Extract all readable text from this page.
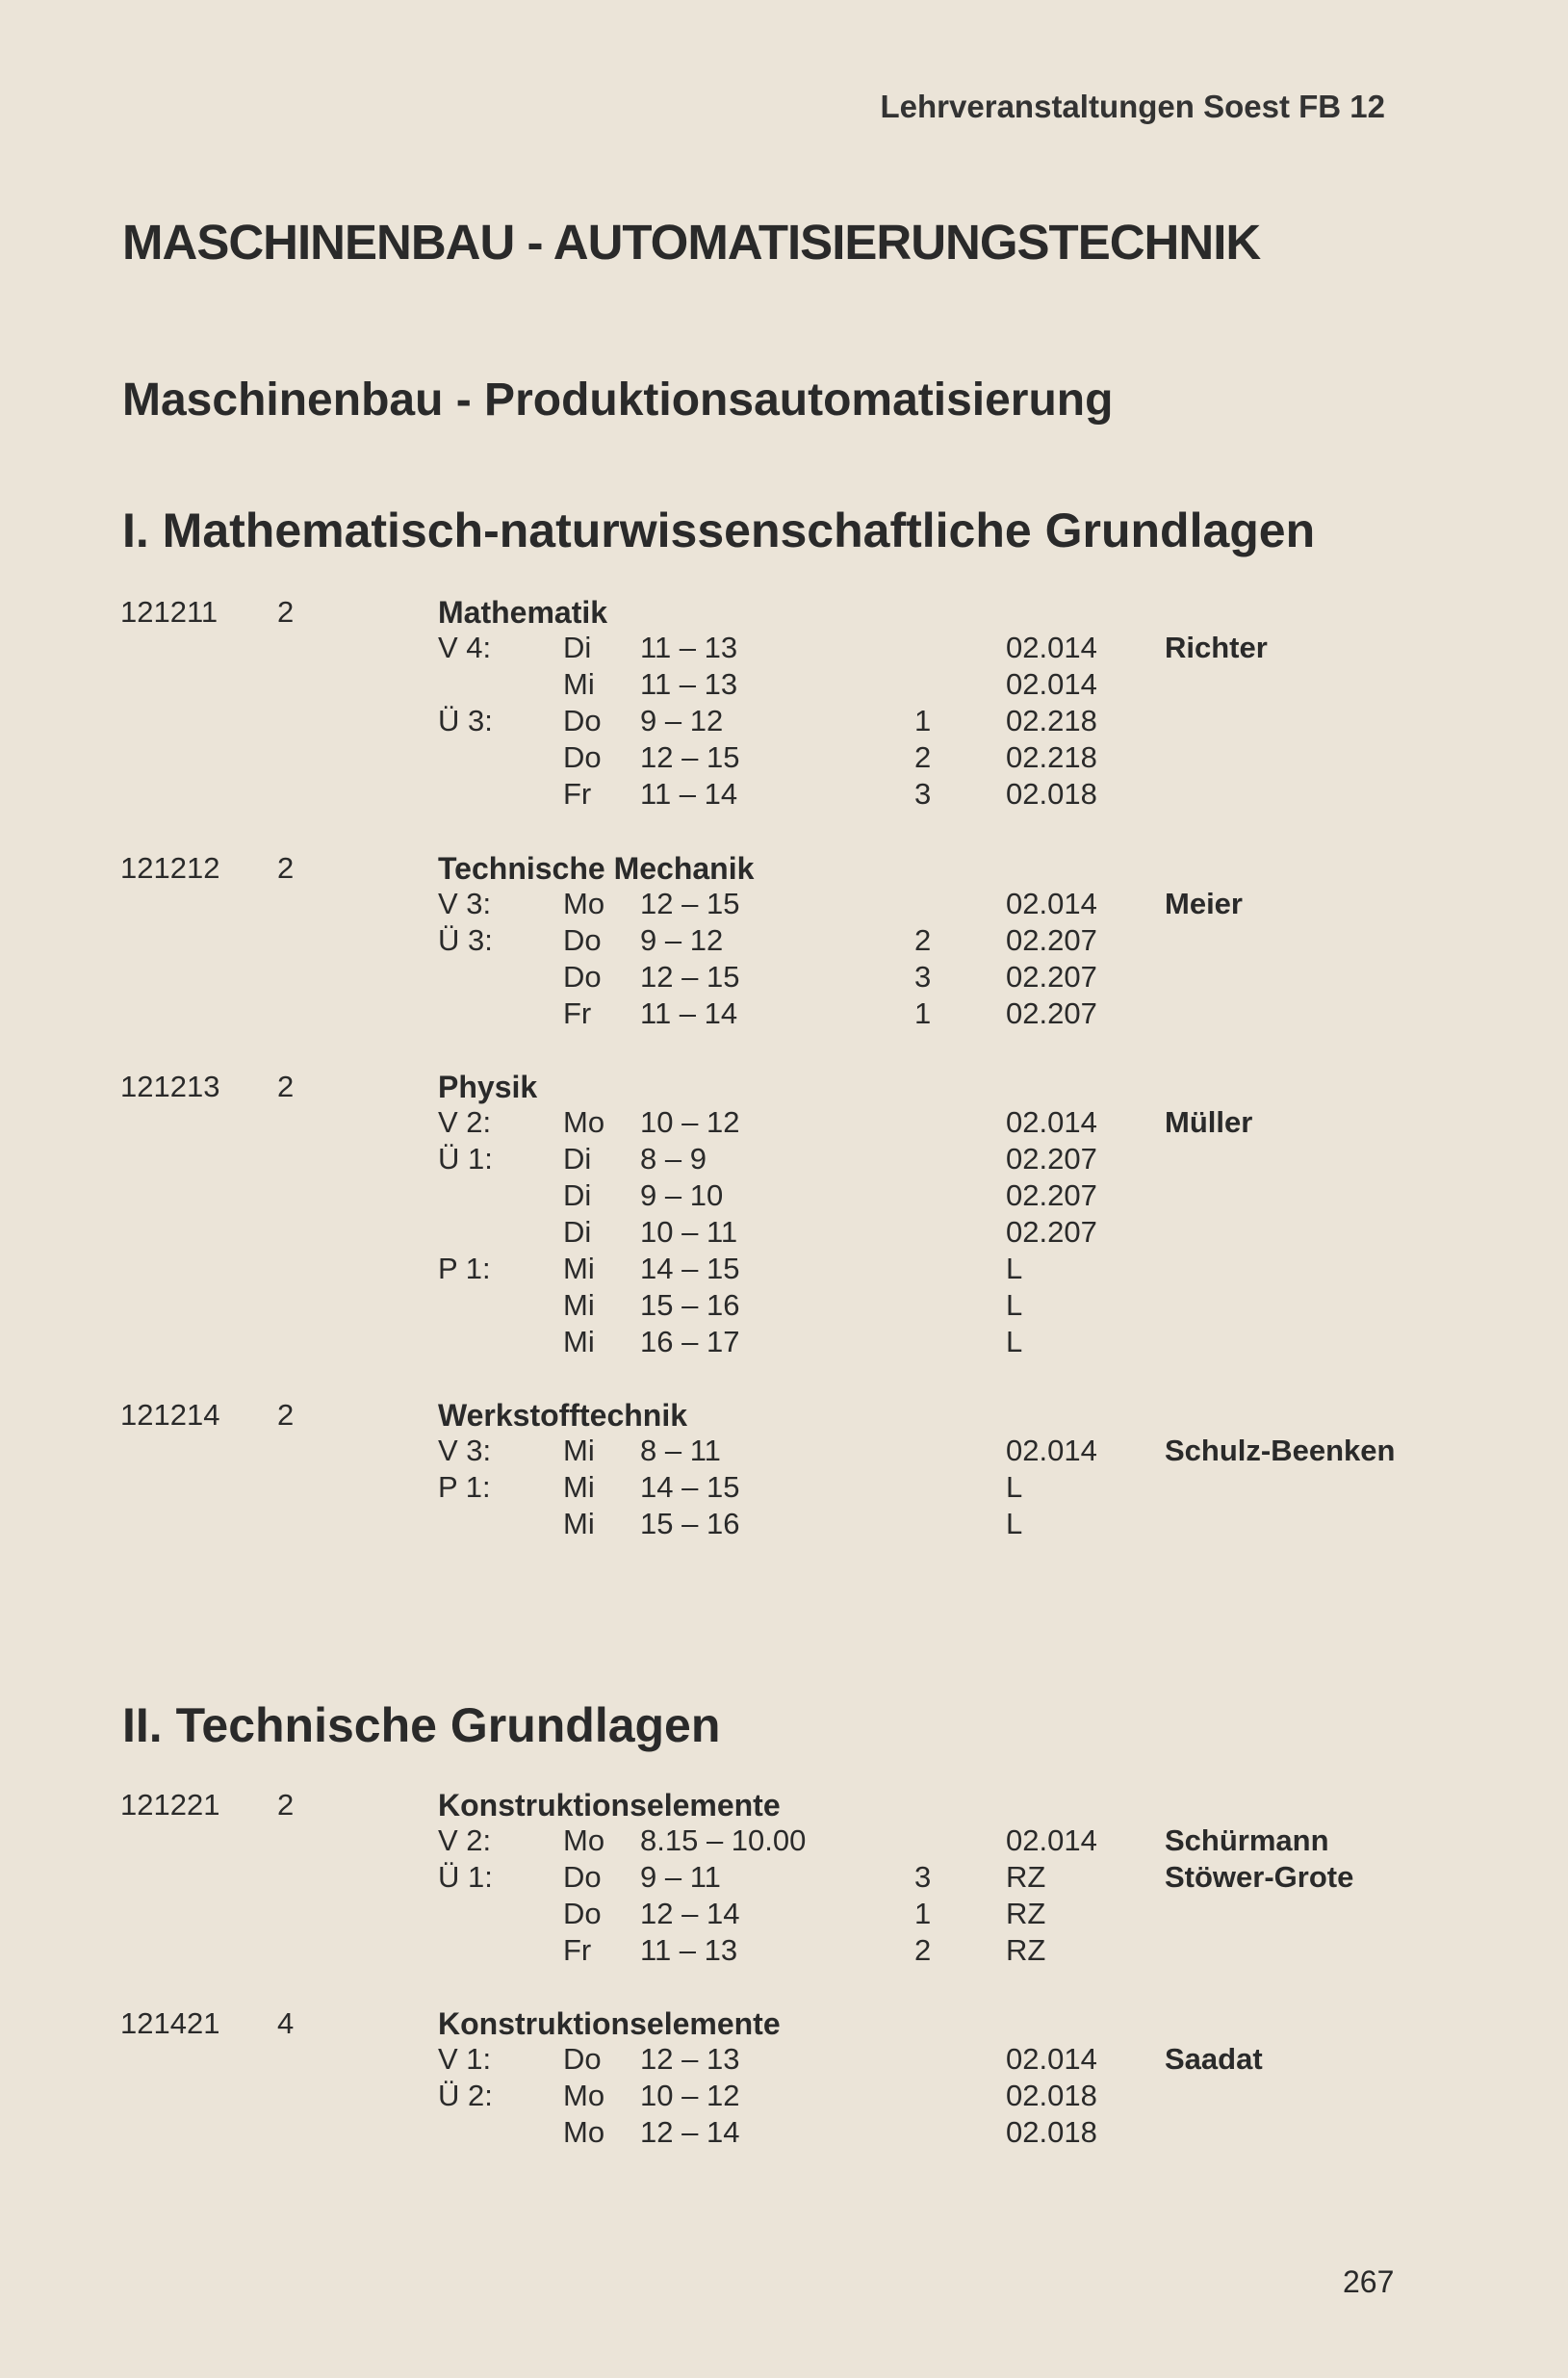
Lehrveranstaltungen Soest FB 12
MASCHINENBAU - AUTOMATISIERUNGSTECHNIK
Maschinenbau - Produktionsautomatisierung
I. Mathematisch-naturwissenschaftliche Grundlagen
121211 2	Mathematik
V 4: Di 11 – 13	02.014 Richter
Mi 11 – 13	02.014
Ü 3: Do 9 – 12	1	02.218
Do 12 – 15	2	02.218
Fr 11 – 14	3	02.018
121212 2	Technische Mechanik
V 3: Mo 12 – 15	02.014 Meier
Ü 3: Do 9 – 12	2	02.207
Do 12 – 15	3	02.207
Fr 11 – 14	1	02.207
121213 2	Physik
V 2: Mo 10 – 12	02.014 Müller
Ü 1: Di 8 – 9	02.207
Di 9 – 10	02.207
Di 10 – 11	02.207
P 1: Mi 14 – 15	L
Mi 15 – 16	L
Mi 16 – 17	L
121214 2	Werkstofftechnik
V 3: Mi 8 – 11	02.014 Schulz-Beenken
P 1: Mi 14 – 15	L
Mi 15 – 16	L
II. Technische Grundlagen
121221 2	Konstruktionselemente
V 2: Mo 8.15 – 10.00	02.014 Schürmann
Ü 1: Do 9 – 11	3	RZ	Stöwer-Grote
Do 12 – 14	1	RZ
Fr 11 – 13	2	RZ
121421 4	Konstruktionselemente
V 1: Do 12 – 13	02.014 Saadat
Ü 2: Mo 10 – 12	02.018
Mo 12 – 14	02.018
267
